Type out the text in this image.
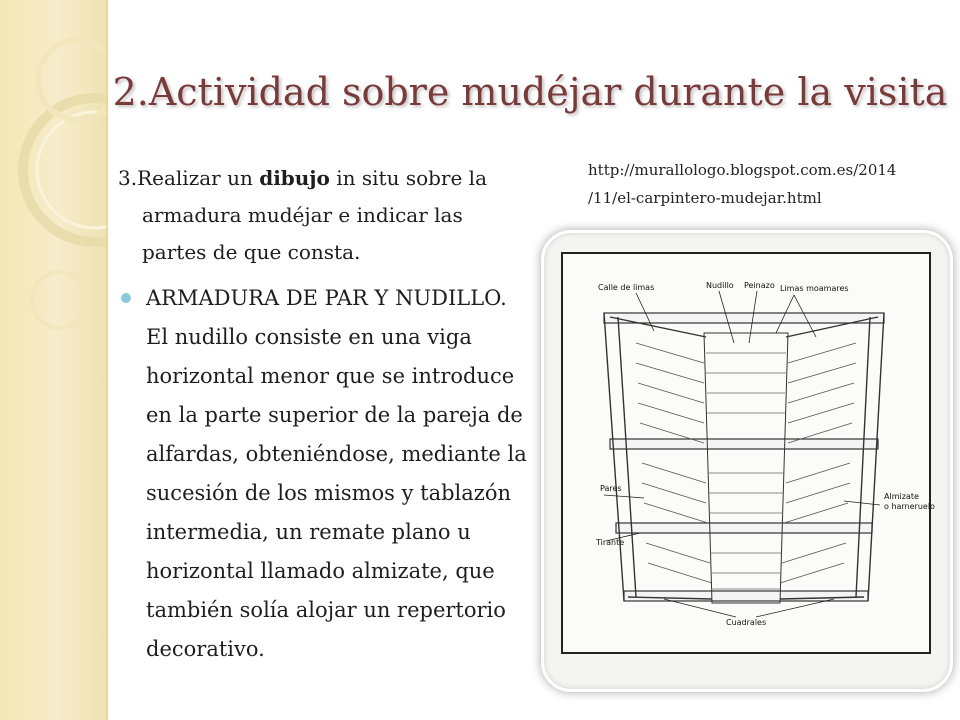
2.Actividad sobre mudéjar durante la visita
3.Realizar un dibujo in situ sobre la
armadura mudéjar e indicar las partes de que consta.
ARMADURA DE PAR Y NUDILLO. El nudillo consiste en una viga horizontal menor que se introduce en la parte superior de la pareja de alfardas, obteniéndose, mediante la sucesión de los mismos y tablazón intermedia, un remate plano u horizontal llamado almizate, que también solía alojar un repertorio decorativo.
http://murallologo.blogspot.com.es/2014
/11/el-carpintero-mudejar.html
Calle de limas	Nudillo Peinazo Limas moamares
Pares
Almizate
o harneruelo
Tirante
Cuadrales
